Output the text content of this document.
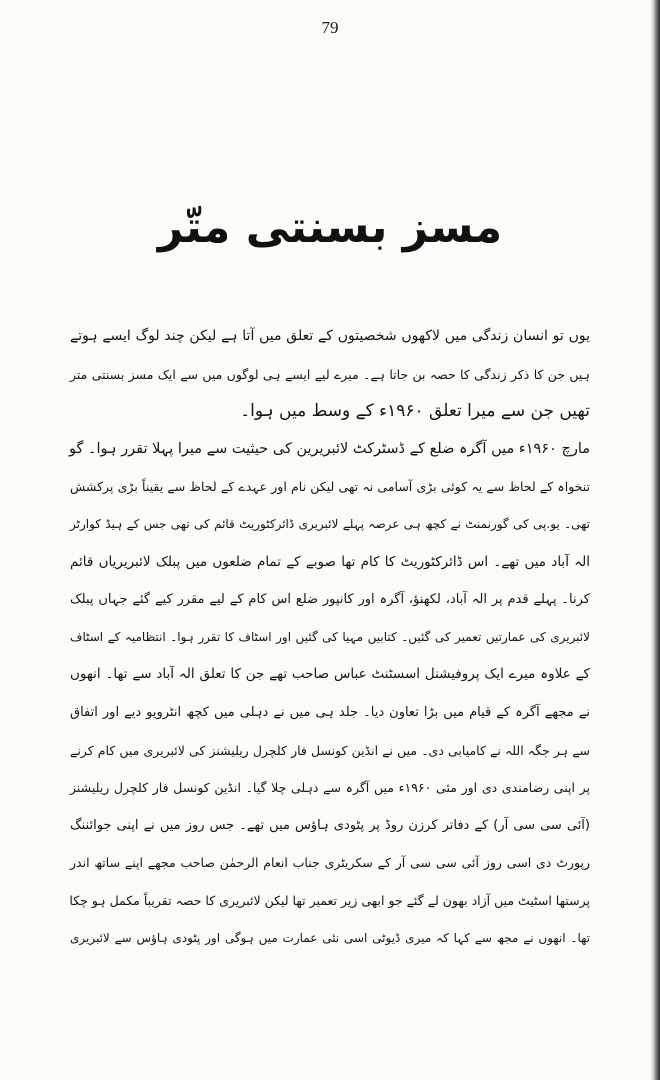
79
مسز بسنتی متّر
یوں تو انسان زندگی میں لاکھوں شخصیتوں کے تعلق میں آتا ہے لیکن چند لوگ ایسے ہوتے
ہیں جن کا ذکر زندگی کا حصہ بن جاتا ہے۔ میرے لیے ایسے ہی لوگوں میں سے ایک مسز بسنتی متر
تھیں جن سے میرا تعلق ۱۹۶۰ء کے وسط میں ہوا۔
مارچ ۱۹۶۰ء میں آگرہ ضلع کے ڈسٹرکٹ لائبریرین کی حیثیت سے میرا پہلا تقرر ہوا۔ گو
تنخواہ کے لحاظ سے یہ کوئی بڑی آسامی نہ تھی لیکن نام اور عہدے کے لحاظ سے یقیناً بڑی پرکشش
تھی۔ یو.پی کی گورنمنٹ نے کچھ ہی عرصہ پہلے لائبریری ڈائرکٹوریٹ قائم کی تھی جس کے ہیڈ کوارٹر
الہ آباد میں تھے۔ اس ڈائرکٹوریٹ کا کام تھا صوبے کے تمام ضلعوں میں پبلک لائبریریاں قائم
کرنا۔ پہلے قدم پر الہ آباد، لکھنؤ، آگرہ اور کانپور ضلع اس کام کے لیے مقرر کیے گئے جہاں پبلک
لائبریری کی عمارتیں تعمیر کی گئیں۔ کتابیں مہیا کی گئیں اور اسٹاف کا تقرر ہوا۔ انتظامیہ کے اسٹاف
کے علاوہ میرے ایک پروفیشنل اسسٹنٹ عباس صاحب تھے جن کا تعلق الہ آباد سے تھا۔ انھوں
نے مجھے آگرہ کے قیام میں بڑا تعاون دیا۔ جلد ہی میں نے دہلی میں کچھ انٹرویو دیے اور اتفاق
سے ہر جگہ اللہ نے کامیابی دی۔ میں نے انڈین کونسل فار کلچرل ریلیشنز کی لائبریری میں کام کرنے
پر اپنی رضامندی دی اور مئی ۱۹۶۰ء میں آگرہ سے دہلی چلا گیا۔ انڈین کونسل فار کلچرل ریلیشنز
(آئی سی سی آر) کے دفاتر کرزن روڈ پر پٹودی ہاؤس میں تھے۔ جس روز میں نے اپنی جوائننگ
رپورٹ دی اسی روز آئی سی سی آر کے سکریٹری جناب انعام الرحمٰن صاحب مجھے اپنے ساتھ اندر
پرستھا اسٹیٹ میں آزاد بھون لے گئے جو ابھی زیر تعمیر تھا لیکن لائبریری کا حصہ تقریباً مکمل ہو چکا
تھا۔ انھوں نے مجھ سے کہا کہ میری ڈیوٹی اسی نئی عمارت میں ہوگی اور پٹودی ہاؤس سے لائبریری
